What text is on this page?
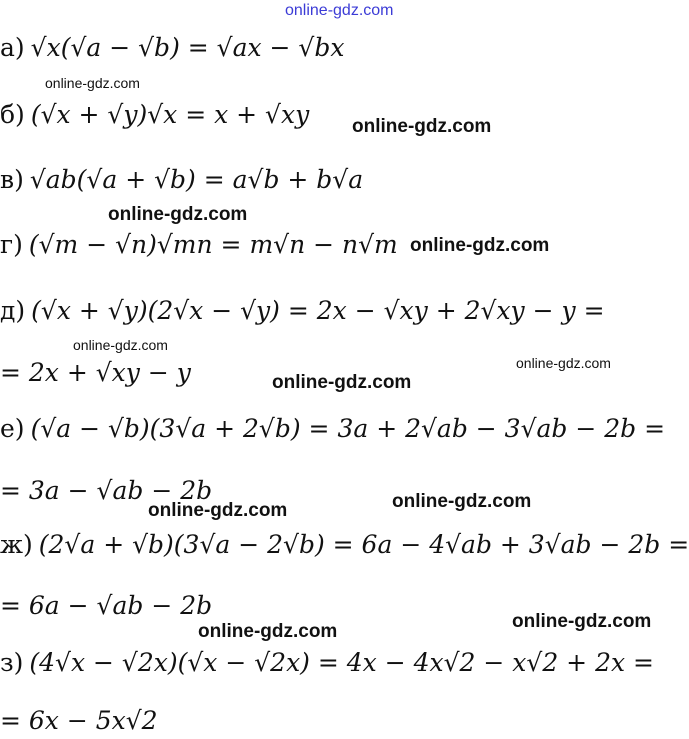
online-gdz.com
а) √x(√a − √b) = √ax − √bx
online-gdz.com
б) (√x + √y)√x = x + √xy online-gdz.com
в) √ab(√a + √b) = a√b + b√a
online-gdz.com
г) (√m − √n)√mn = m√n − n√m online-gdz.com
д) (√x + √y)(2√x − √y) = 2x − √xy + 2√xy − y =
online-gdz.com
online-gdz.com
= 2x + √xy − y	online-gdz.com
е) (√a − √b)(3√a + 2√b) = 3a + 2√ab − 3√ab − 2b =
= 3a − √ab − 2b	online-gdz.com
online-gdz.com
ж) (2√a + √b)(3√a − 2√b) = 6a − 4√ab + 3√ab − 2b =
= 6a − √ab − 2b
online-gdz.com
online-gdz.com
з) (4√x − √2x)(√x − √2x) = 4x − 4x√2 − x√2 + 2x =
= 6x − 5x√2
